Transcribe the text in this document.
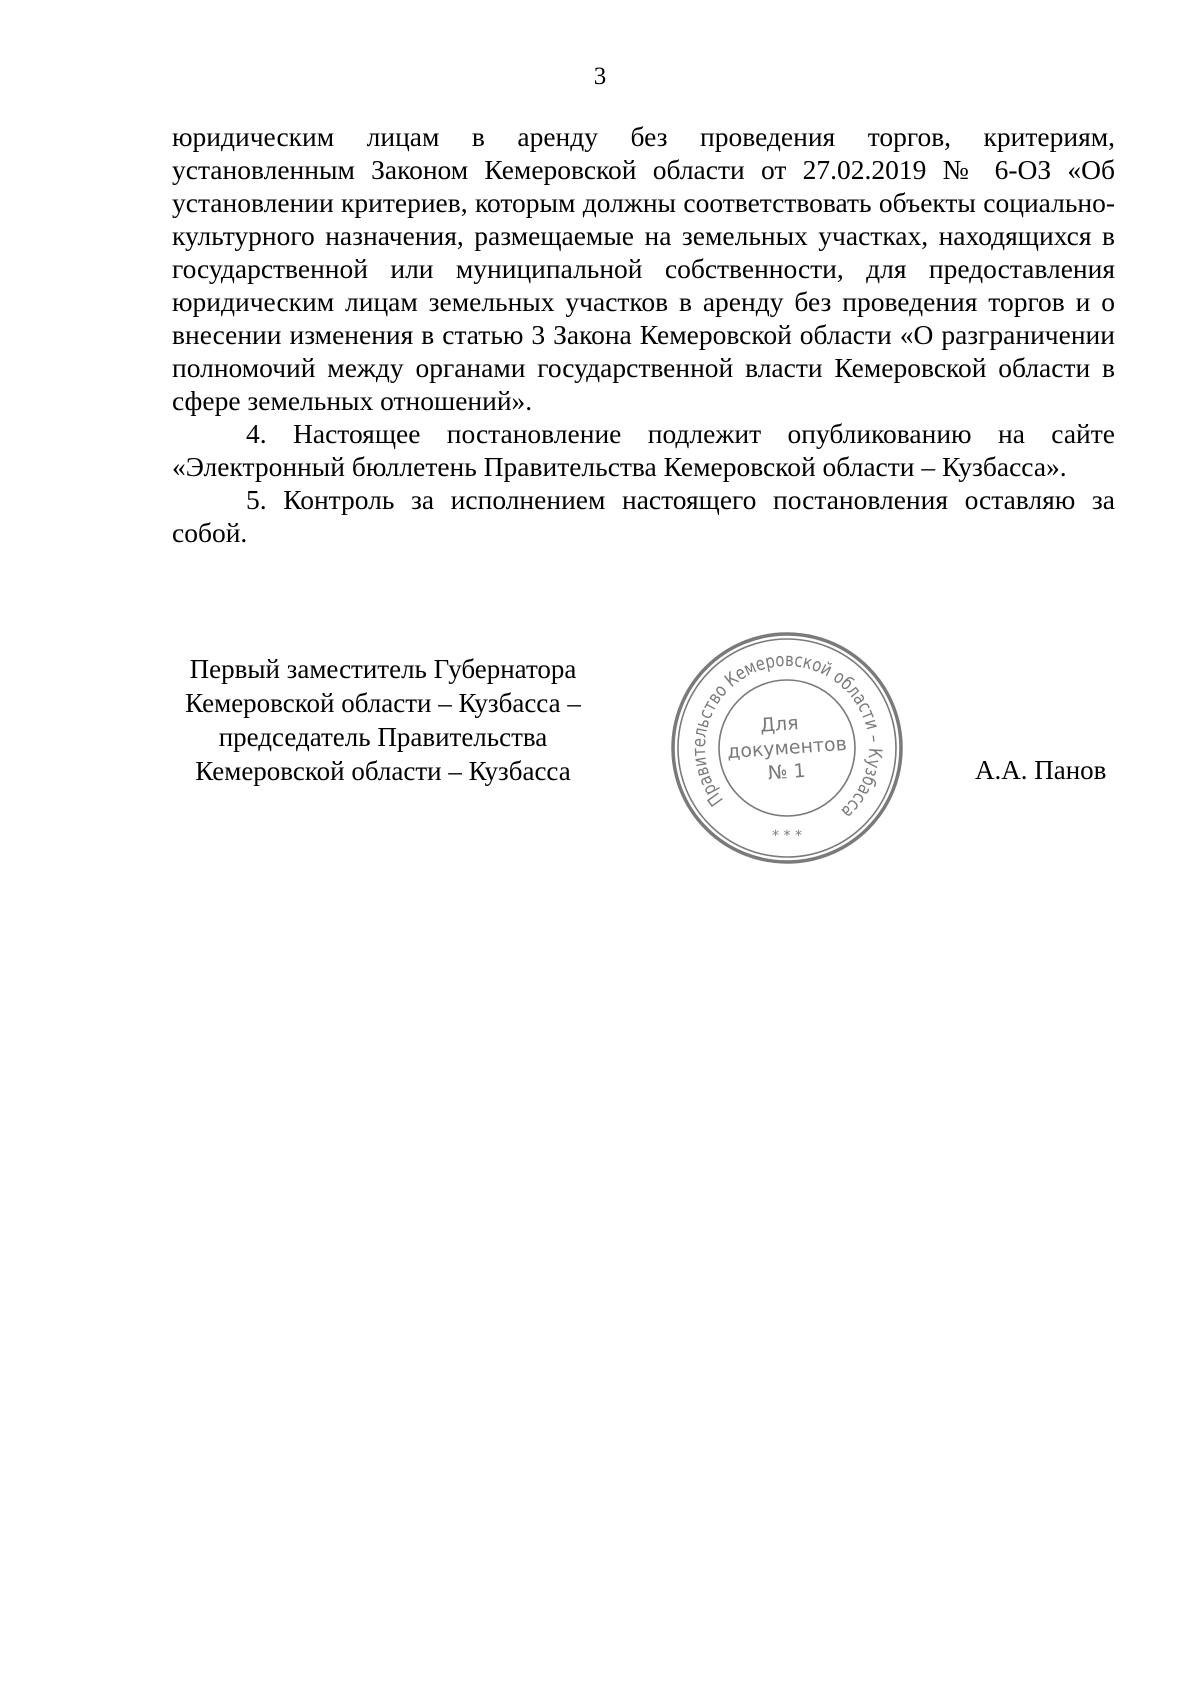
3

юридическим лицам в аренду без проведения торгов, критериям, установленным Законом Кемеровской области от 27.02.2019 № 6-ОЗ «Об установлении критериев, которым должны соответствовать объекты социально-культурного назначения, размещаемые на земельных участках, находящихся в государственной или муниципальной собственности, для предоставления юридическим лицам земельных участков в аренду без проведения торгов и о внесении изменения в статью 3 Закона Кемеровской области «О разграничении полномочий между органами государственной власти Кемеровской области в сфере земельных отношений».

4. Настоящее постановление подлежит опубликованию на сайте «Электронный бюллетень Правительства Кемеровской области – Кузбасса».

5. Контроль за исполнением настоящего постановления оставляю за собой.

Первый заместитель Губернатора
Кемеровской области – Кузбасса –
председатель Правительства
Кемеровской области – Кузбасса
Правительство Кемеровской области – Кузбасса
* * *
Для
документов
№ 1	А.А. Панов
